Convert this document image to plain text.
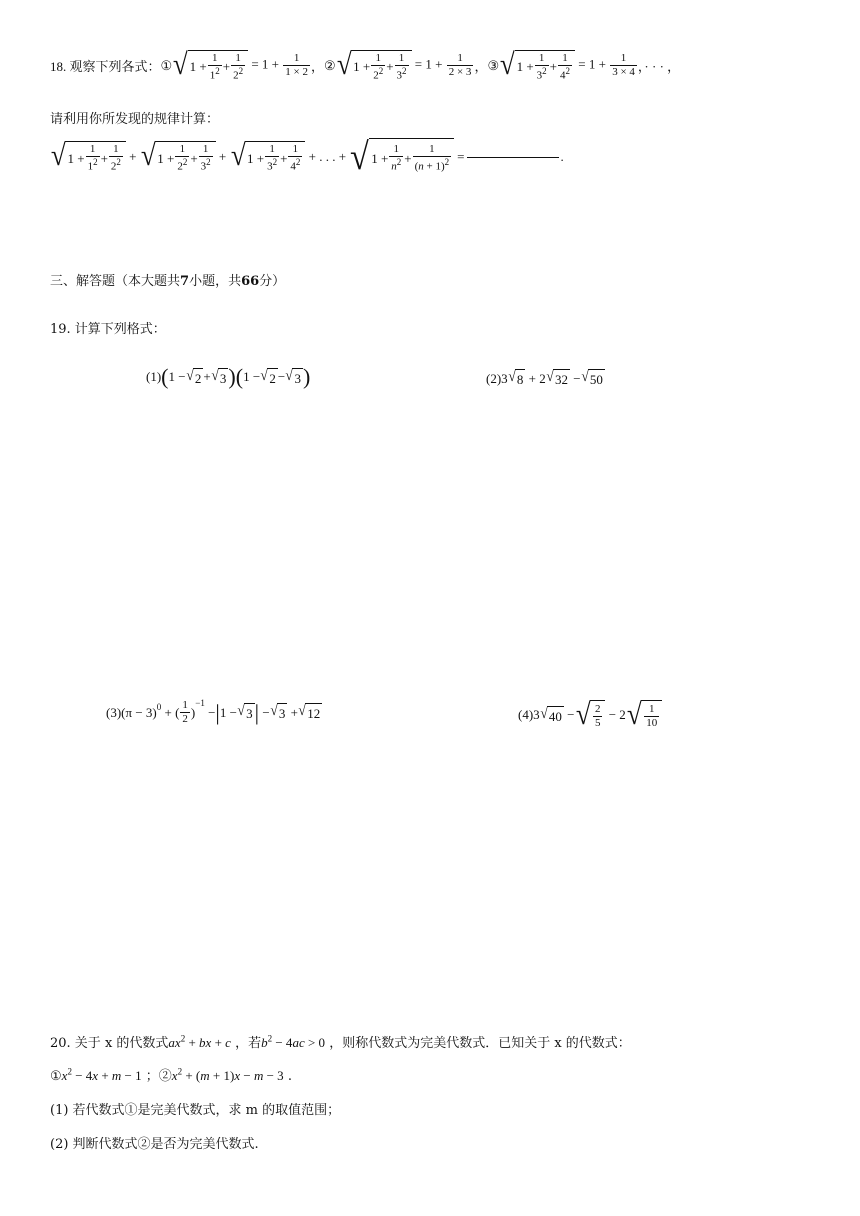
18. 观察下列各式： ① √ $1 + \frac{1}{1^2} + \frac{1}{2^2} = 1 + \frac{1}{1 \times 2}$ ， ② √ $1 + \frac{1}{2^2} + \frac{1}{3^2} = 1 + \frac{1}{2 \times 3}$ ， ③ √ $1 + \frac{1}{3^2} + \frac{1}{4^2} = 1 + \frac{1}{3 \times 4}$ ，· · · ，
请利用你所发现的规律计算：
√ $1 + \frac{1}{1^2} + \frac{1}{2^2}$ + √ $1 + \frac{1}{2^2} + \frac{1}{3^2}$ + √ $1 + \frac{1}{3^2} + \frac{1}{4^2}$ + . . . + √ $1 + \frac{1}{n^2} + \frac{1}{(n + 1)^2}$ =	.
三、解答题（本大题共7小题，共66分）
19. 计算下列格式：
(1) ( 1 − √ 2 + √ 3 ) ( 1 − √ 2 − √ 3 )	(2) 3 √ 8 + 2 √ 32 − √ 50
(3) $(\pi - 3)^0$ + ( $\frac{1}{2}$ )
$^{-1}$
− | 1 − √ 3 | − √ 3 + √ 12	(4) 3 √ 40 − √ $\frac{2}{5} - 2$ √ $\frac{1}{10}$
20. 关于 x 的代数式$ax^2$ + bx + c ，若$b^2 - 4ac > 0$ ，则称代数式为完美代数式．已知关于 x 的代数式：
$①x^2 - 4x + m - 1$ ；$②x^2 + (m + 1)x - m - 3$ .
(1) 若代数式①是完美代数式，求 m 的取值范围；
(2) 判断代数式②是否为完美代数式.
